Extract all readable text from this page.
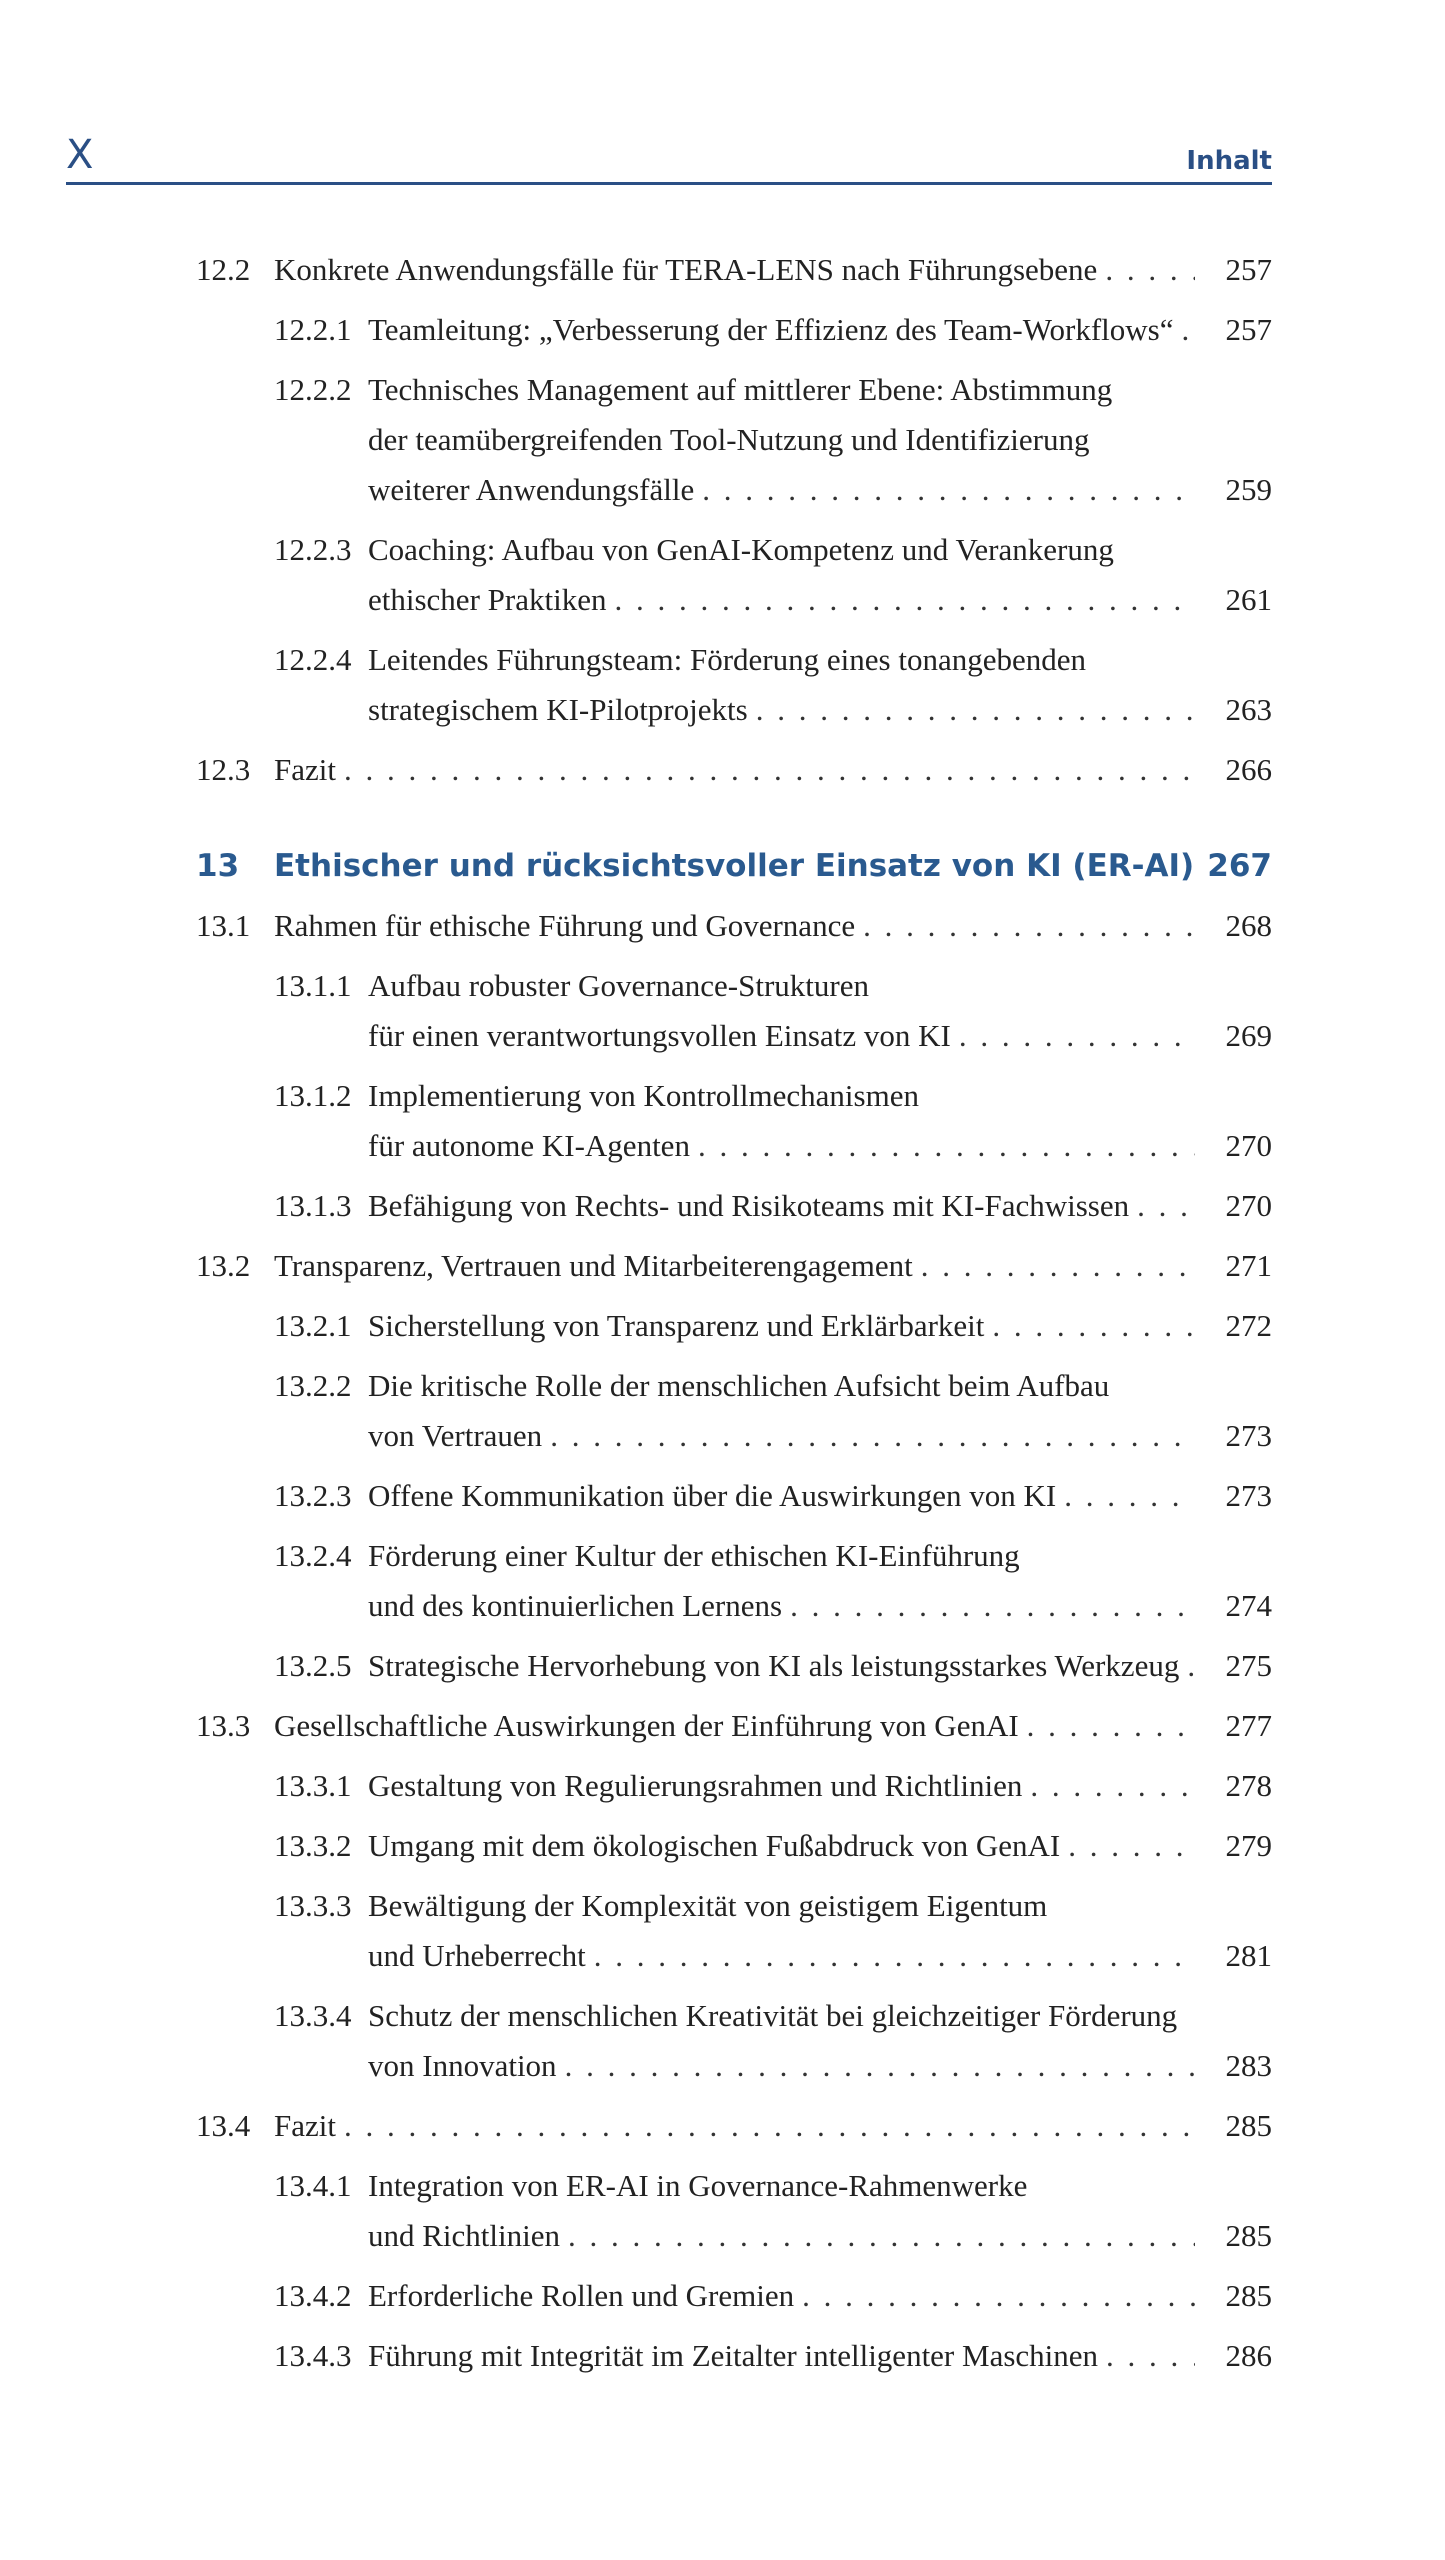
X	Inhalt
12.2 Konkrete Anwendungsfälle für TERA-LENS nach Führungsebene . . .	257
12.2.1 Teamleitung: „Verbesserung der Effizienz des Team-Workflows“ . . .	257
12.2.2 Technisches Management auf mittlerer Ebene: Abstimmung
der teamübergreifenden Tool-Nutzung und Identifizierung
weiterer Anwendungsfälle . . .	259
12.2.3 Coaching: Aufbau von GenAI-Kompetenz und Verankerung
ethischer Praktiken . . .	261
12.2.4 Leitendes Führungsteam: Förderung eines tonangebenden
strategischem KI-Pilotprojekts . . .	263
12.3 Fazit . . .	266
13 Ethischer und rücksichtsvoller Einsatz von KI (ER-AI) 267
13.1 Rahmen für ethische Führung und Governance . . .	268
13.1.1 Aufbau robuster Governance-Strukturen
für einen verantwortungsvollen Einsatz von KI . . .	269
13.1.2 Implementierung von Kontrollmechanismen
für autonome KI-Agenten . . .	270
13.1.3 Befähigung von Rechts- und Risikoteams mit KI-Fachwissen . . .	270
13.2 Transparenz, Vertrauen und Mitarbeiterengagement . . .	271
13.2.1 Sicherstellung von Transparenz und Erklärbarkeit . . .	272
13.2.2 Die kritische Rolle der menschlichen Aufsicht beim Aufbau
von Vertrauen . . .	273
13.2.3 Offene Kommunikation über die Auswirkungen von KI . . .	273
13.2.4 Förderung einer Kultur der ethischen KI-Einführung
und des kontinuierlichen Lernens . . .	274
13.2.5 Strategische Hervorhebung von KI als leistungsstarkes Werkzeug . . .	275
13.3 Gesellschaftliche Auswirkungen der Einführung von GenAI . . .	277
13.3.1 Gestaltung von Regulierungsrahmen und Richtlinien . . .	278
13.3.2 Umgang mit dem ökologischen Fußabdruck von GenAI . . .	279
13.3.3 Bewältigung der Komplexität von geistigem Eigentum
und Urheberrecht . . .	281
13.3.4 Schutz der menschlichen Kreativität bei gleichzeitiger Förderung
von Innovation . . .	283
13.4 Fazit . . .	285
13.4.1 Integration von ER-AI in Governance-Rahmenwerke
und Richtlinien . . .	285
13.4.2 Erforderliche Rollen und Gremien . . .	285
13.4.3 Führung mit Integrität im Zeitalter intelligenter Maschinen . . .	286
